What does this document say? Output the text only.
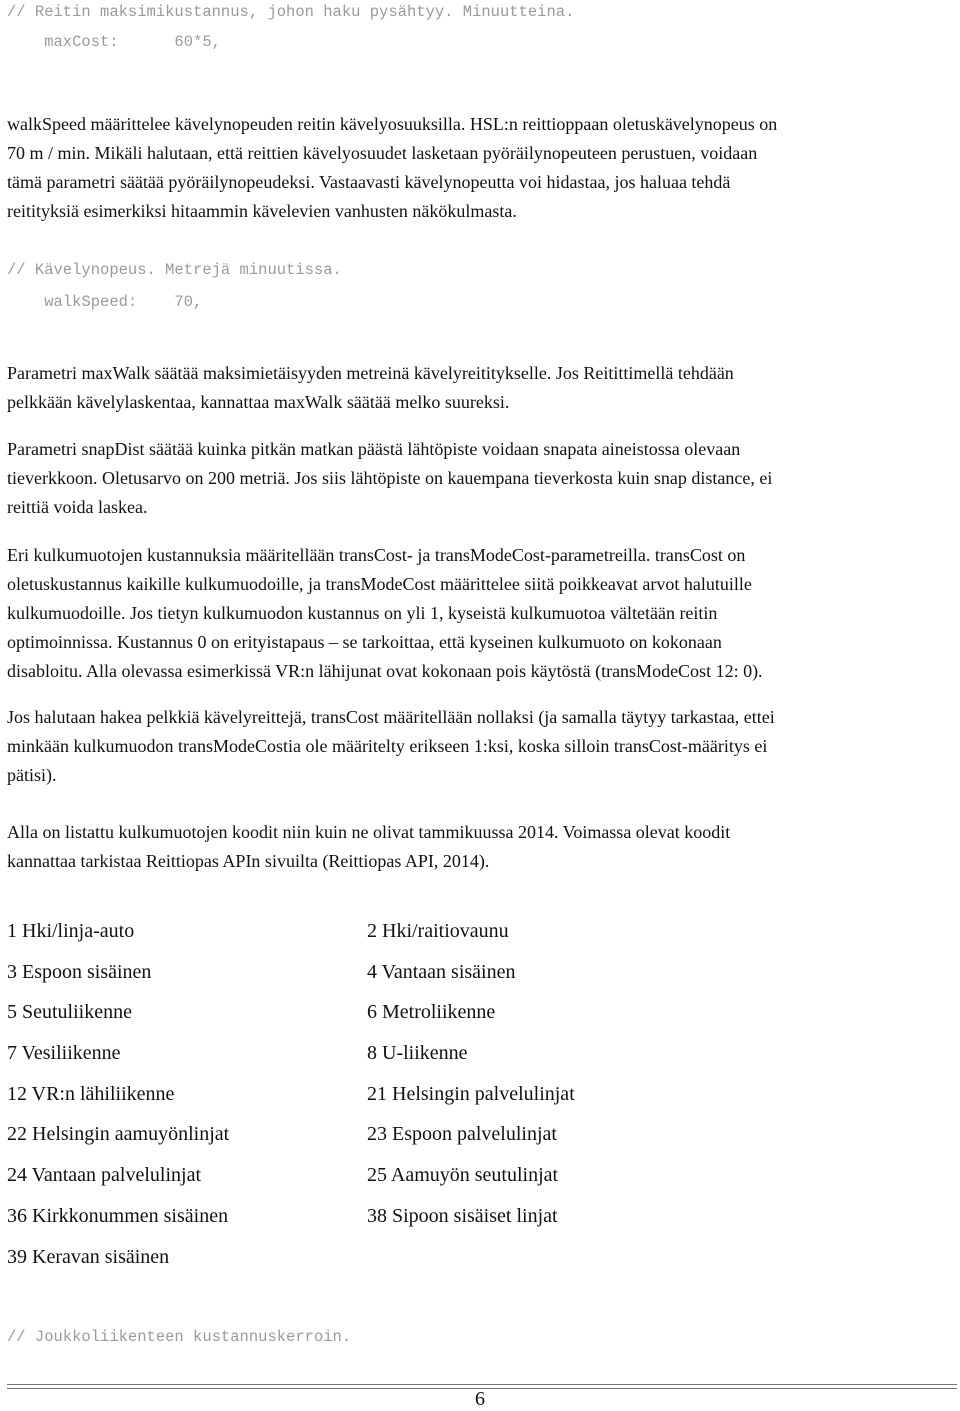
// Reitin maksimikustannus, johon haku pysähtyy. Minuutteina.
maxCost:      60*5,
walkSpeed määrittelee kävelynopeuden reitin kävelyosuuksilla. HSL:n reittioppaan oletuskävelynopeus on
70 m / min. Mikäli halutaan, että reittien kävelyosuudet lasketaan pyöräilynopeuteen perustuen, voidaan
tämä parametri säätää pyöräilynopeudeksi. Vastaavasti kävelynopeutta voi hidastaa, jos haluaa tehdä
reitityksiä esimerkiksi hitaammin kävelevien vanhusten näkökulmasta.
// Kävelynopeus. Metrejä minuutissa.
walkSpeed:    70,
Parametri maxWalk säätää maksimietäisyyden metreinä kävelyreititykselle. Jos Reitittimellä tehdään
pelkkään kävelylaskentaa, kannattaa maxWalk säätää melko suureksi.
Parametri snapDist säätää kuinka pitkän matkan päästä lähtöpiste voidaan snapata aineistossa olevaan
tieverkkoon. Oletusarvo on 200 metriä. Jos siis lähtöpiste on kauempana tieverkosta kuin snap distance, ei
reittiä voida laskea.
Eri kulkumuotojen kustannuksia määritellään transCost- ja transModeCost-parametreilla. transCost on
oletuskustannus kaikille kulkumuodoille, ja transModeCost määrittelee siitä poikkeavat arvot halutuille
kulkumuodoille. Jos tietyn kulkumuodon kustannus on yli 1, kyseistä kulkumuotoa vältetään reitin
optimoinnissa. Kustannus 0 on erityistapaus – se tarkoittaa, että kyseinen kulkumuoto on kokonaan
disabloitu. Alla olevassa esimerkissä VR:n lähijunat ovat kokonaan pois käytöstä (transModeCost 12: 0).
Jos halutaan hakea pelkkiä kävelyreittejä, transCost määritellään nollaksi (ja samalla täytyy tarkastaa, ettei
minkään kulkumuodon transModeCostia ole määritelty erikseen 1:ksi, koska silloin transCost-määritys ei
pätisi).
Alla on listattu kulkumuotojen koodit niin kuin ne olivat tammikuussa 2014. Voimassa olevat koodit
kannattaa tarkistaa Reittiopas APIn sivuilta (Reittiopas API, 2014).
1 Hki/linja-auto
3 Espoon sisäinen
5 Seutuliikenne
7 Vesiliikenne
12 VR:n lähiliikenne
22 Helsingin aamuyönlinjat
24 Vantaan palvelulinjat
36 Kirkkonummen sisäinen
39 Keravan sisäinen
2 Hki/raitiovaunu
4 Vantaan sisäinen
6 Metroliikenne
8 U-liikenne
21 Helsingin palvelulinjat
23 Espoon palvelulinjat
25 Aamuyön seutulinjat
38 Sipoon sisäiset linjat
// Joukkoliikenteen kustannuskerroin.
6
